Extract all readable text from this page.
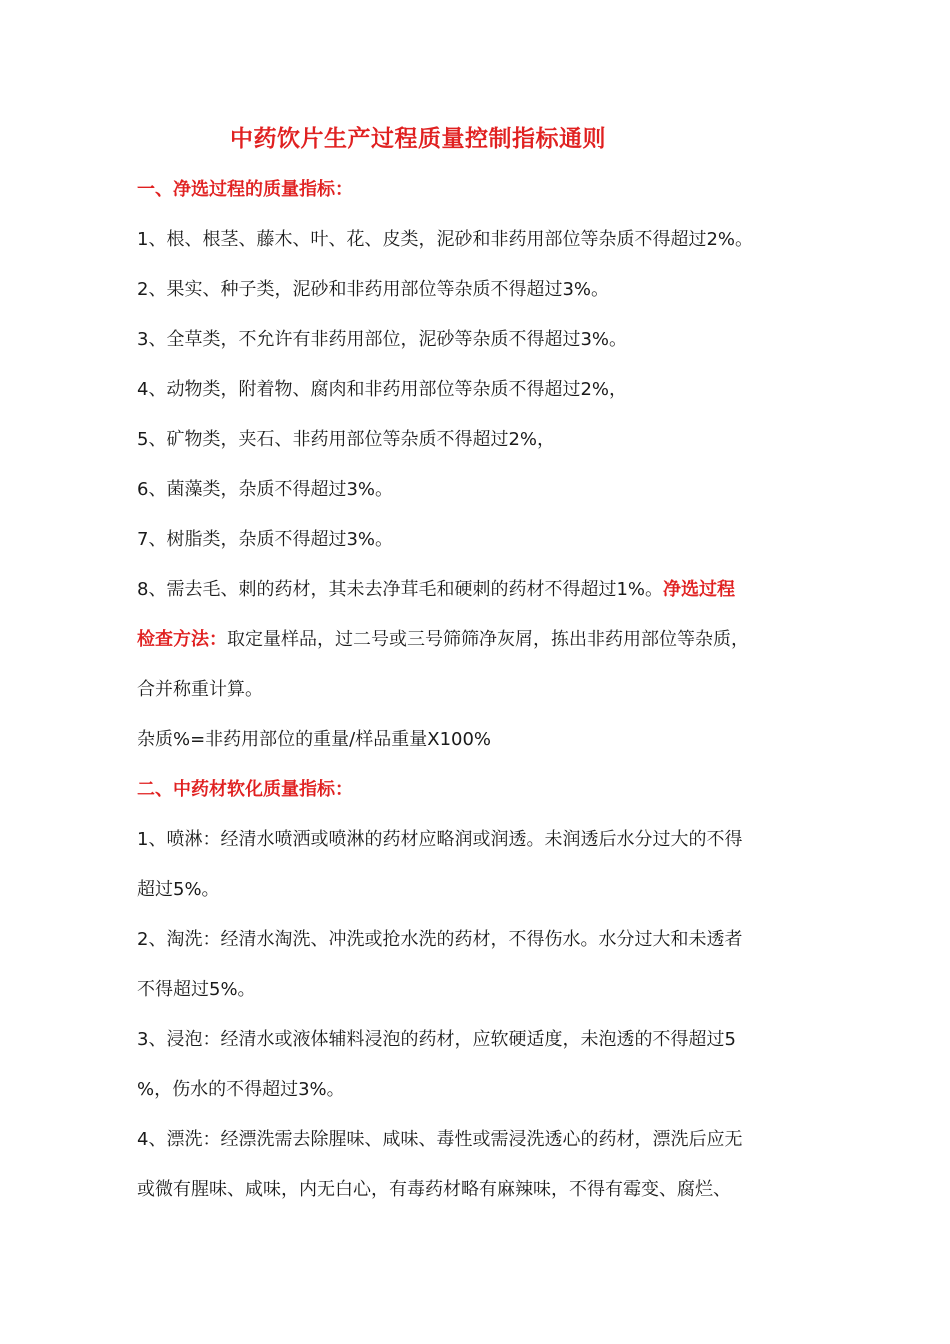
中药饮片生产过程质量控制指标通则
一、净选过程的质量指标：
1、根、根茎、藤木、叶、花、皮类，泥砂和非药用部位等杂质不得超过2%。
2、果实、种子类，泥砂和非药用部位等杂质不得超过3%。
3、全草类，不允许有非药用部位，泥砂等杂质不得超过3%。
4、动物类，附着物、腐肉和非药用部位等杂质不得超过2%，
5、矿物类，夹石、非药用部位等杂质不得超过2%，
6、菌藻类，杂质不得超过3%。
7、树脂类，杂质不得超过3%。
8、需去毛、刺的药材，其未去净茸毛和硬刺的药材不得超过1%。净选过程
检查方法：取定量样品，过二号或三号筛筛净灰屑，拣出非药用部位等杂质，
合并称重计算。
杂质%=非药用部位的重量/样品重量X100%
二、中药材软化质量指标：
1、喷淋：经清水喷洒或喷淋的药材应略润或润透。未润透后水分过大的不得
超过5%。
2、淘洗：经清水淘洗、冲洗或抢水洗的药材，不得伤水。水分过大和未透者
不得超过5%。
3、浸泡：经清水或液体辅料浸泡的药材，应软硬适度，未泡透的不得超过5
%，伤水的不得超过3%。
4、漂洗：经漂洗需去除腥味、咸味、毒性或需浸洗透心的药材，漂洗后应无
或微有腥味、咸味，内无白心，有毒药材略有麻辣味，不得有霉变、腐烂、
